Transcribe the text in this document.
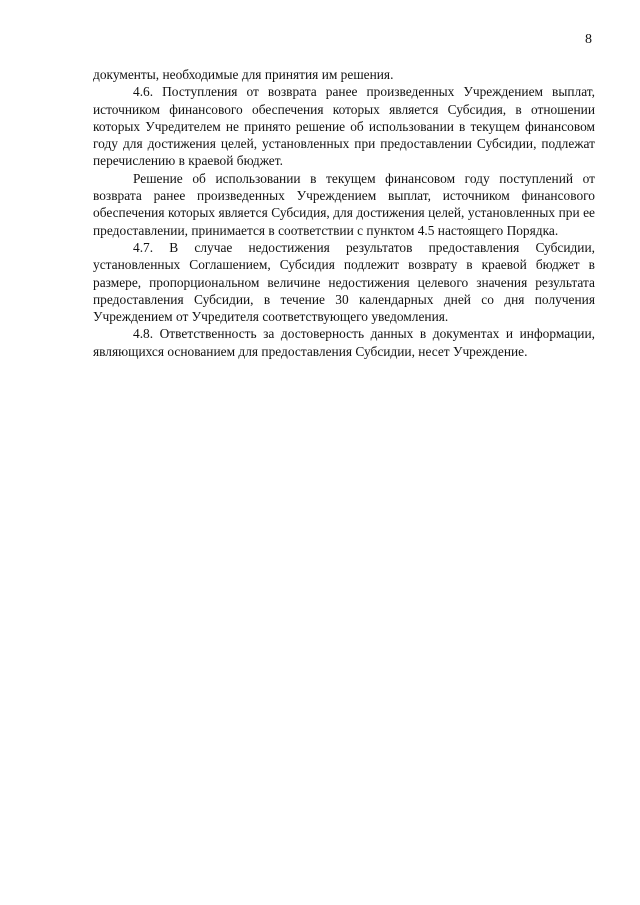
8

документы, необходимые для принятия им решения.

4.6. Поступления от возврата ранее произведенных Учреждением выплат, источником финансового обеспечения которых является Субсидия, в отношении которых Учредителем не принято решение об использовании в текущем финансовом году для достижения целей, установленных при предоставлении Субсидии, подлежат перечислению в краевой бюджет.

Решение об использовании в текущем финансовом году поступлений от возврата ранее произведенных Учреждением выплат, источником финансового обеспечения которых является Субсидия, для достижения целей, установленных при ее предоставлении, принимается в соответствии с пунктом 4.5 настоящего Порядка.

4.7. В случае недостижения результатов предоставления Субсидии, установленных Соглашением, Субсидия подлежит возврату в краевой бюджет в размере, пропорциональном величине недостижения целевого значения результата предоставления Субсидии, в течение 30 календарных дней со дня получения Учреждением от Учредителя соответствующего уведомления.

4.8. Ответственность за достоверность данных в документах и информации, являющихся основанием для предоставления Субсидии, несет Учреждение.
